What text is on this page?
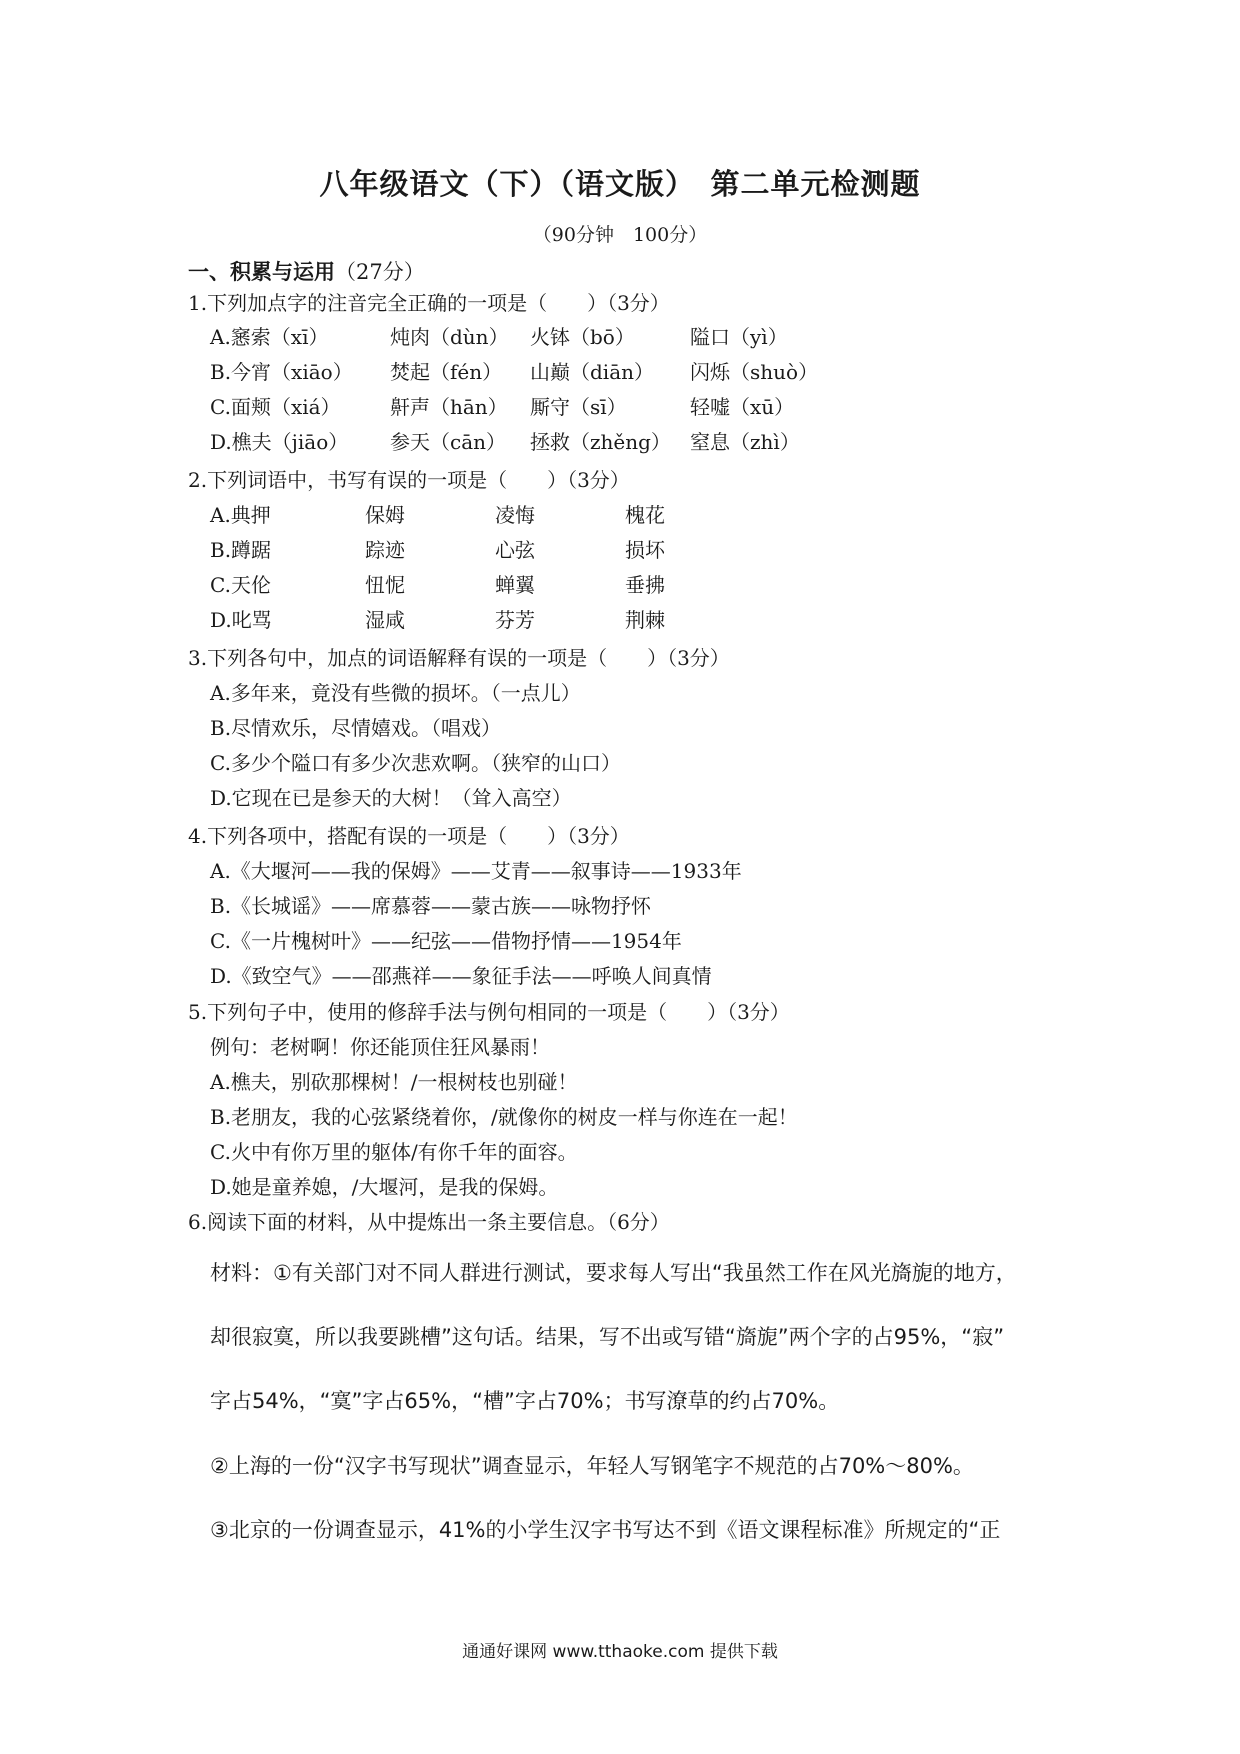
八年级语文（下）（语文版）　第二单元检测题
（90分钟　100分）
一、积累与运用（27分）
1.下列加点字的注音完全正确的一项是（　　）（3分）
A.窸索（xī）	炖肉（dùn） 火钵（bō）	隘口（yì）
B.今宵（xiāo） 焚起（fén） 山巅（diān） 闪烁（shuò）
C.面颊（xiá） 鼾声（hān） 厮守（sī）	轻嘘（xū）
D.樵夫（jiāo） 参天（cān） 拯救（zhěng） 窒息（zhì）
2.下列词语中，书写有误的一项是（　　）（3分）
A.典押	保姆	凌悔	槐花
B.蹲踞	踪迹	心弦	损坏
C.天伦	忸怩	蝉翼	垂拂
D.叱骂	湿咸	芬芳	荆棘
3.下列各句中，加点的词语解释有误的一项是（　　）（3分）
A.多年来，竟没有些微的损坏。（一点儿）
B.尽情欢乐，尽情嬉戏。（唱戏）
C.多少个隘口有多少次悲欢啊。（狭窄的山口）
D.它现在已是参天的大树！（耸入高空）
4.下列各项中，搭配有误的一项是（　　）（3分）
A.《大堰河——我的保姆》——艾青——叙事诗——1933年
B.《长城谣》——席慕蓉——蒙古族——咏物抒怀
C.《一片槐树叶》——纪弦——借物抒情——1954年
D.《致空气》——邵燕祥——象征手法——呼唤人间真情
5.下列句子中，使用的修辞手法与例句相同的一项是（　　）（3分）
例句：老树啊！你还能顶住狂风暴雨！
A.樵夫，别砍那棵树！/一根树枝也别碰！
B.老朋友，我的心弦紧绕着你，/就像你的树皮一样与你连在一起！
C.火中有你万里的躯体/有你千年的面容。
D.她是童养媳，/大堰河，是我的保姆。
6.阅读下面的材料，从中提炼出一条主要信息。（6分）
材料：①有关部门对不同人群进行测试，要求每人写出“我虽然工作在风光旖旎的地方，
却很寂寞，所以我要跳槽”这句话。结果，写不出或写错“旖旎”两个字的占95%，“寂”
字占54%，“寞”字占65%，“槽”字占70%；书写潦草的约占70%。
②上海的一份“汉字书写现状”调查显示，年轻人写钢笔字不规范的占70%～80%。
③北京的一份调查显示，41%的小学生汉字书写达不到《语文课程标准》所规定的“正
通通好课网 www.tthaoke.com 提供下载
